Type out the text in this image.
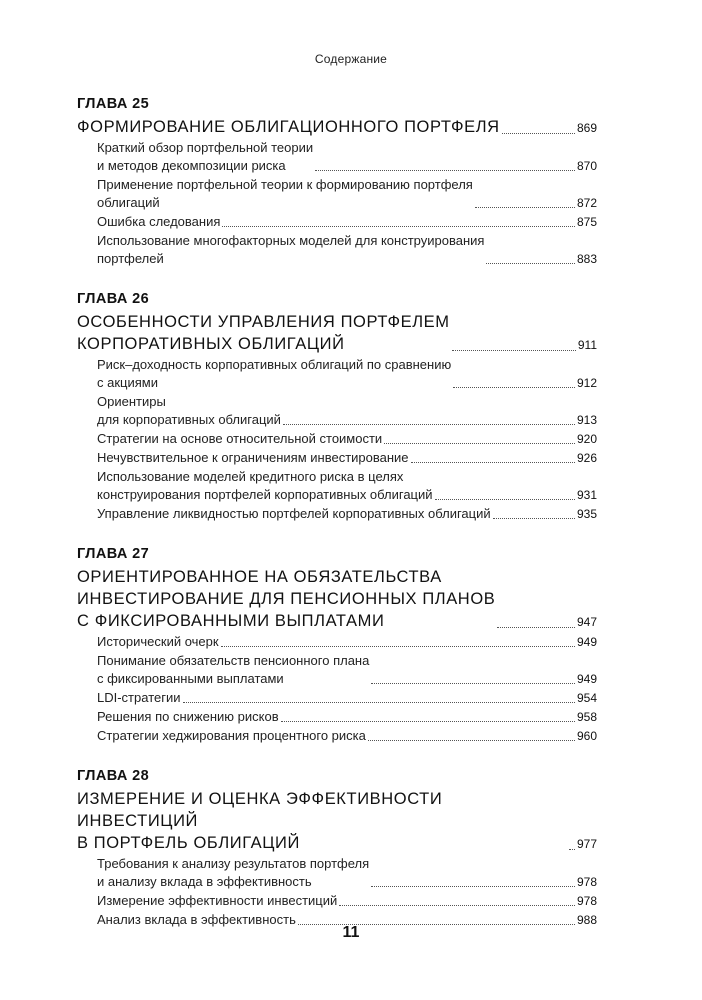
Содержание
ГЛАВА 25
ФОРМИРОВАНИЕ ОБЛИГАЦИОННОГО ПОРТФЕЛЯ	869
Краткий обзор портфельной теории
и методов декомпозиции риска	870
Применение портфельной теории к формированию портфеля
облигаций	872
Ошибка следования	875
Использование многофакторных моделей для конструирования
портфелей	883
ГЛАВА 26
ОСОБЕННОСТИ УПРАВЛЕНИЯ ПОРТФЕЛЕМ
КОРПОРАТИВНЫХ ОБЛИГАЦИЙ	911
Риск–доходность корпоративных облигаций по сравнению
с акциями	912
Ориентиры
для корпоративных облигаций	913
Стратегии на основе относительной стоимости	920
Нечувствительное к ограничениям инвестирование	926
Использование моделей кредитного риска в целях
конструирования портфелей корпоративных облигаций	931
Управление ликвидностью портфелей корпоративных облигаций	935
ГЛАВА 27
ОРИЕНТИРОВАННОЕ НА ОБЯЗАТЕЛЬСТВА
ИНВЕСТИРОВАНИЕ ДЛЯ ПЕНСИОННЫХ ПЛАНОВ
С ФИКСИРОВАННЫМИ ВЫПЛАТАМИ	947
Исторический очерк	949
Понимание обязательств пенсионного плана
с фиксированными выплатами	949
LDI-стратегии	954
Решения по снижению рисков	958
Стратегии хеджирования процентного риска	960
ГЛАВА 28
ИЗМЕРЕНИЕ И ОЦЕНКА ЭФФЕКТИВНОСТИ ИНВЕСТИЦИЙ
В ПОРТФЕЛЬ ОБЛИГАЦИЙ	977
Требования к анализу результатов портфеля
и анализу вклада в эффективность	978
Измерение эффективности инвестиций	978
Анализ вклада в эффективность	988
11
